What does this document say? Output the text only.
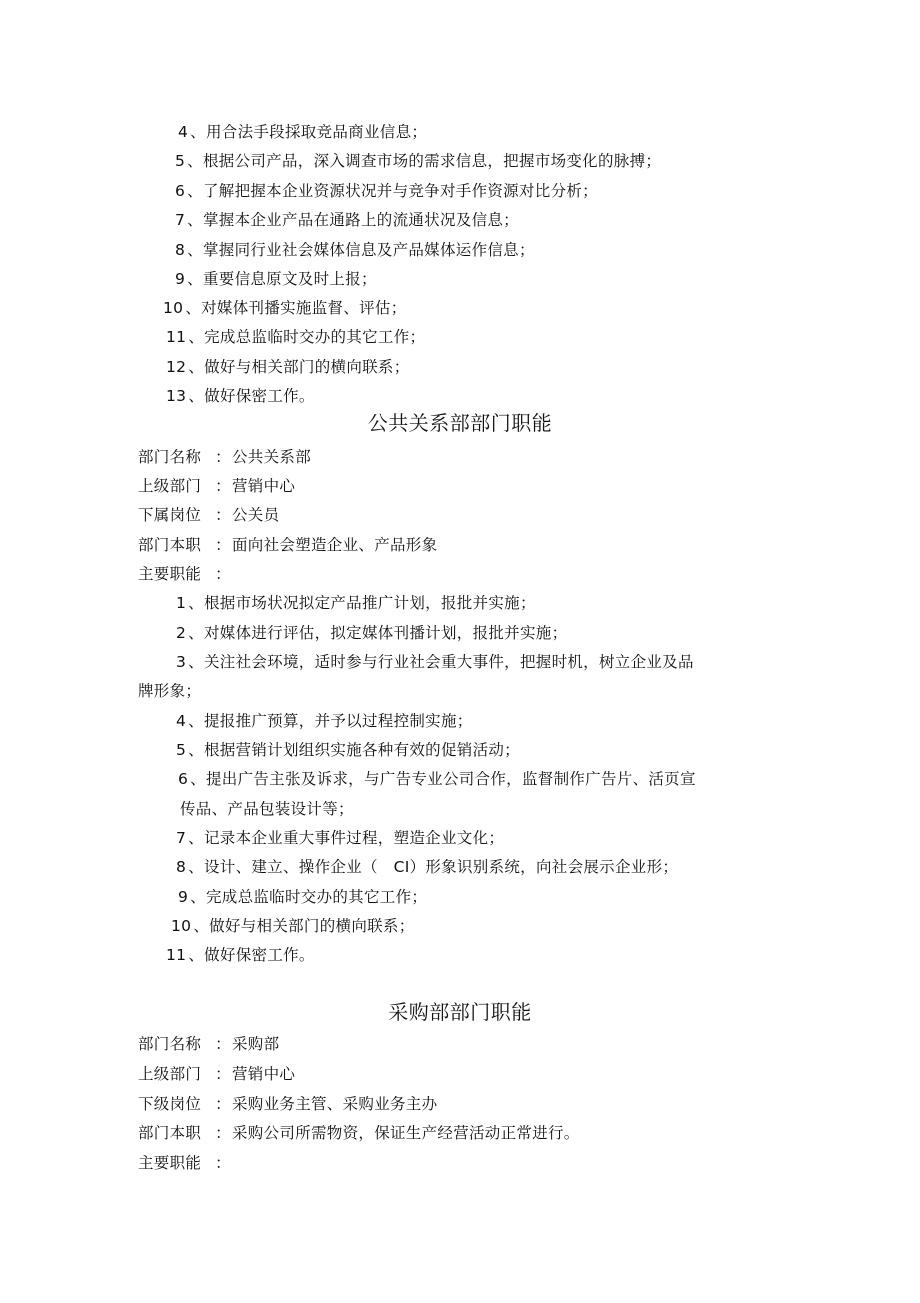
4 、用合法手段採取竞品商业信息；
5 、根据公司产品，深入调查市场的需求信息，把握市场变化的脉搏；
6 、了解把握本企业资源状况并与竞争对手作资源对比分析；
7 、掌握本企业产品在通路上的流通状况及信息；
8 、掌握同行业社会媒体信息及产品媒体运作信息；
9 、重要信息原文及时上报；
10 、对媒体刊播实施监督、评估；
11 、完成总监临时交办的其它工作；
12 、做好与相关部门的横向联系；
13 、做好保密工作。
公共关系部部门职能
部门名称 ：公共关系部
上级部门 ：营销中心
下属岗位 ：公关员
部门本职 ：面向社会塑造企业、产品形象
主要职能 ：
1 、根据市场状况拟定产品推广计划，报批并实施；
2 、对媒体进行评估，拟定媒体刊播计划，报批并实施；
3 、关注社会环境，适时参与行业社会重大事件，把握时机，树立企业及品
牌形象；
4 、提报推广预算，并予以过程控制实施；
5 、根据营销计划组织实施各种有效的促销活动；
6 、提出广告主张及诉求，与广告专业公司合作，监督制作广告片、活页宣
传品、产品包装设计等；
7 、记录本企业重大事件过程，塑造企业文化；
8 、设计、建立、操作企业（　CI）形象识别系统，向社会展示企业形；
9 、完成总监临时交办的其它工作；
10 、做好与相关部门的横向联系；
11 、做好保密工作。
采购部部门职能
部门名称 ：采购部
上级部门 ：营销中心
下级岗位 ：采购业务主管、采购业务主办
部门本职 ：采购公司所需物资，保证生产经营活动正常进行。
主要职能 ：
